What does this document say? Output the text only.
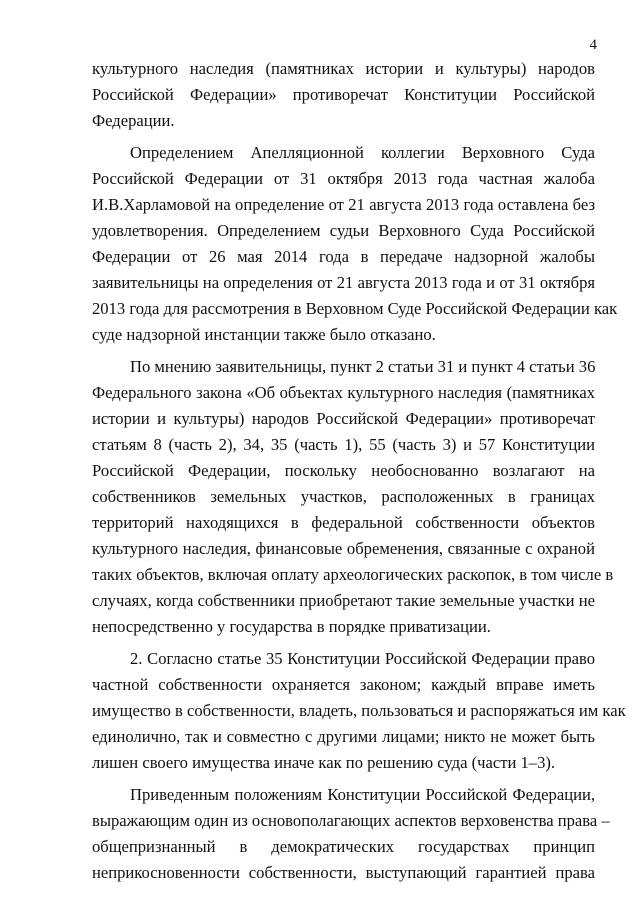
4
культурного наследия (памятниках истории и культуры) народов
Российской Федерации» противоречат Конституции Российской
Федерации.
Определением Апелляционной коллегии Верховного Суда
Российской Федерации от 31 октября 2013 года частная жалоба
И.В.Харламовой на определение от 21 августа 2013 года оставлена без
удовлетворения. Определением судьи Верховного Суда Российской
Федерации от 26 мая 2014 года в передаче надзорной жалобы
заявительницы на определения от 21 августа 2013 года и от 31 октября
2013 года для рассмотрения в Верховном Суде Российской Федерации как
суде надзорной инстанции также было отказано.
По мнению заявительницы, пункт 2 статьи 31 и пункт 4 статьи 36
Федерального закона «Об объектах культурного наследия (памятниках
истории и культуры) народов Российской Федерации» противоречат
статьям 8 (часть 2), 34, 35 (часть 1), 55 (часть 3) и 57 Конституции
Российской Федерации, поскольку необоснованно возлагают на
собственников земельных участков, расположенных в границах
территорий находящихся в федеральной собственности объектов
культурного наследия, финансовые обременения, связанные с охраной
таких объектов, включая оплату археологических раскопок, в том числе в
случаях, когда собственники приобретают такие земельные участки не
непосредственно у государства в порядке приватизации.
2. Согласно статье 35 Конституции Российской Федерации право
частной собственности охраняется законом; каждый вправе иметь
имущество в собственности, владеть, пользоваться и распоряжаться им как
единолично, так и совместно с другими лицами; никто не может быть
лишен своего имущества иначе как по решению суда (части 1–3).
Приведенным положениям Конституции Российской Федерации,
выражающим один из основополагающих аспектов верховенства права –
общепризнанный в демократических государствах принцип
неприкосновенности собственности, выступающий гарантией права
